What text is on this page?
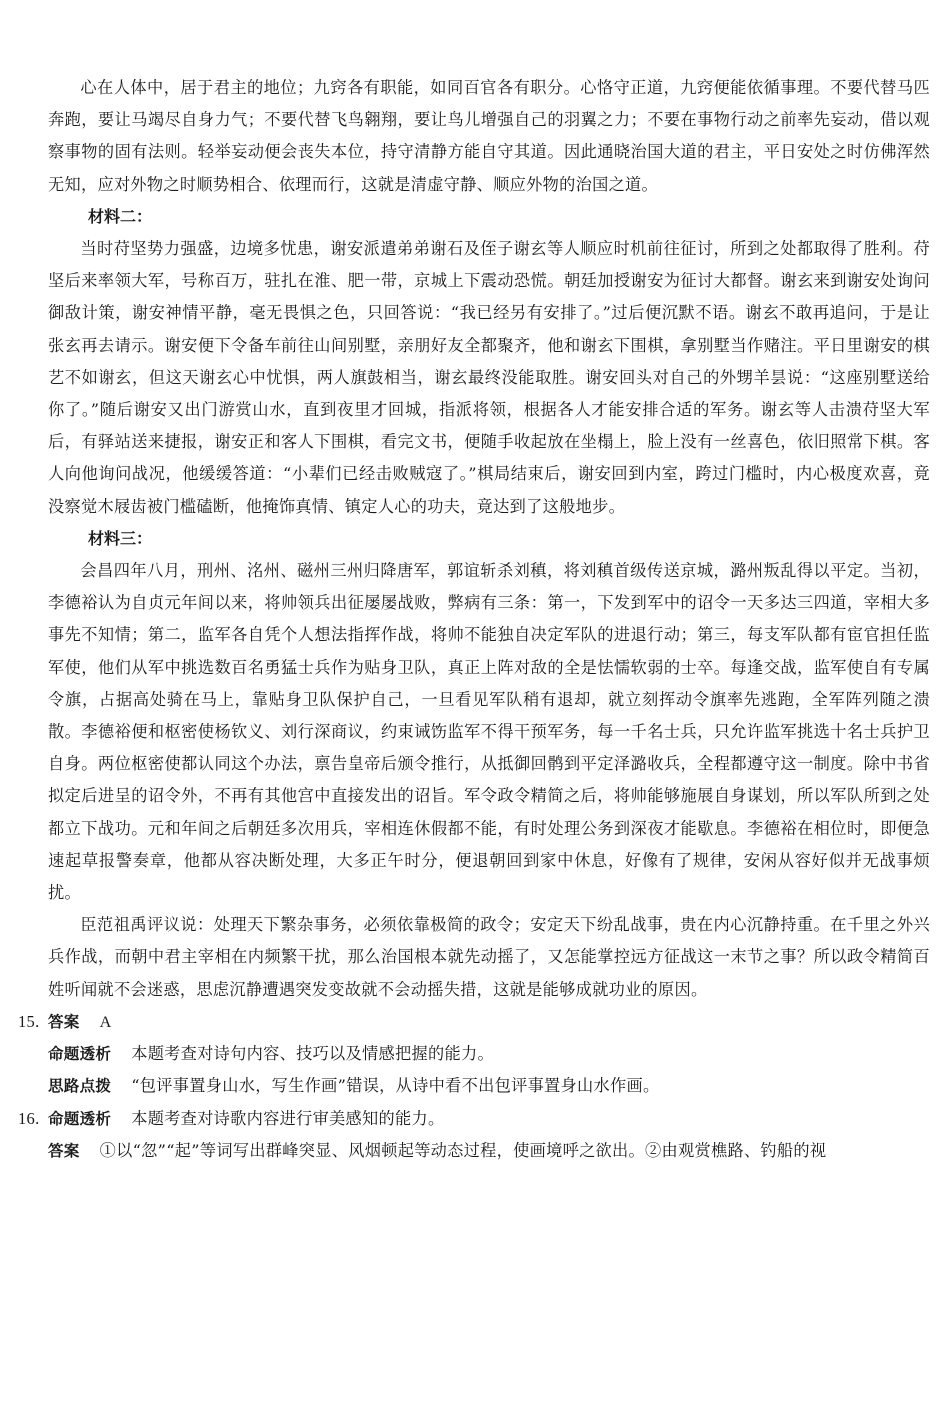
心在人体中，居于君主的地位；九窍各有职能，如同百官各有职分。心恪守正道，九窍便能依循事理。不要代替马匹奔跑，要让马竭尽自身力气；不要代替飞鸟翱翔，要让鸟儿增强自己的羽翼之力；不要在事物行动之前率先妄动，借以观察事物的固有法则。轻举妄动便会丧失本位，持守清静方能自守其道。因此通晓治国大道的君主，平日安处之时仿佛浑然无知，应对外物之时顺势相合、依理而行，这就是清虚守静、顺应外物的治国之道。

材料二：

当时苻坚势力强盛，边境多忧患，谢安派遣弟弟谢石及侄子谢玄等人顺应时机前往征讨，所到之处都取得了胜利。苻坚后来率领大军，号称百万，驻扎在淮、肥一带，京城上下震动恐慌。朝廷加授谢安为征讨大都督。谢玄来到谢安处询问御敌计策，谢安神情平静，毫无畏惧之色，只回答说：“我已经另有安排了。”过后便沉默不语。谢玄不敢再追问，于是让张玄再去请示。谢安便下令备车前往山间别墅，亲朋好友全都聚齐，他和谢玄下围棋，拿别墅当作赌注。平日里谢安的棋艺不如谢玄，但这天谢玄心中忧惧，两人旗鼓相当，谢玄最终没能取胜。谢安回头对自己的外甥羊昙说：“这座别墅送给你了。”随后谢安又出门游赏山水，直到夜里才回城，指派将领，根据各人才能安排合适的军务。谢玄等人击溃苻坚大军后，有驿站送来捷报，谢安正和客人下围棋，看完文书，便随手收起放在坐榻上，脸上没有一丝喜色，依旧照常下棋。客人向他询问战况，他缓缓答道：“小辈们已经击败贼寇了。”棋局结束后，谢安回到内室，跨过门槛时，内心极度欢喜，竟没察觉木屐齿被门槛磕断，他掩饰真情、镇定人心的功夫，竟达到了这般地步。

材料三：

会昌四年八月，刑州、洺州、磁州三州归降唐军，郭谊斩杀刘稹，将刘稹首级传送京城，潞州叛乱得以平定。当初，李德裕认为自贞元年间以来，将帅领兵出征屡屡战败，弊病有三条：第一，下发到军中的诏令一天多达三四道，宰相大多事先不知情；第二，监军各自凭个人想法指挥作战，将帅不能独自决定军队的进退行动；第三，每支军队都有宦官担任监军使，他们从军中挑选数百名勇猛士兵作为贴身卫队，真正上阵对敌的全是怯懦软弱的士卒。每逢交战，监军使自有专属令旗，占据高处骑在马上，靠贴身卫队保护自己，一旦看见军队稍有退却，就立刻挥动令旗率先逃跑，全军阵列随之溃散。李德裕便和枢密使杨钦义、刘行深商议，约束诫饬监军不得干预军务，每一千名士兵，只允许监军挑选十名士兵护卫自身。两位枢密使都认同这个办法，禀告皇帝后颁令推行，从抵御回鹘到平定泽潞收兵，全程都遵守这一制度。除中书省拟定后进呈的诏令外，不再有其他宫中直接发出的诏旨。军令政令精简之后，将帅能够施展自身谋划，所以军队所到之处都立下战功。元和年间之后朝廷多次用兵，宰相连休假都不能，有时处理公务到深夜才能歇息。李德裕在相位时，即便急速起草报警奏章，他都从容决断处理，大多正午时分，便退朝回到家中休息，好像有了规律，安闲从容好似并无战事烦扰。

臣范祖禹评议说：处理天下繁杂事务，必须依靠极简的政令；安定天下纷乱战事，贵在内心沉静持重。在千里之外兴兵作战，而朝中君主宰相在内频繁干扰，那么治国根本就先动摇了，又怎能掌控远方征战这一末节之事？所以政令精简百姓听闻就不会迷惑，思虑沉静遭遇突发变故就不会动摇失措，这就是能够成就功业的原因。

15. 答案 A
命题透析 本题考查对诗句内容、技巧以及情感把握的能力。
思路点拨 “包评事置身山水，写生作画”错误，从诗中看不出包评事置身山水作画。
16. 命题透析 本题考查对诗歌内容进行审美感知的能力。
答案 ①以“忽”“起”等词写出群峰突显、风烟顿起等动态过程，使画境呼之欲出。②由观赏樵路、钓船的视
